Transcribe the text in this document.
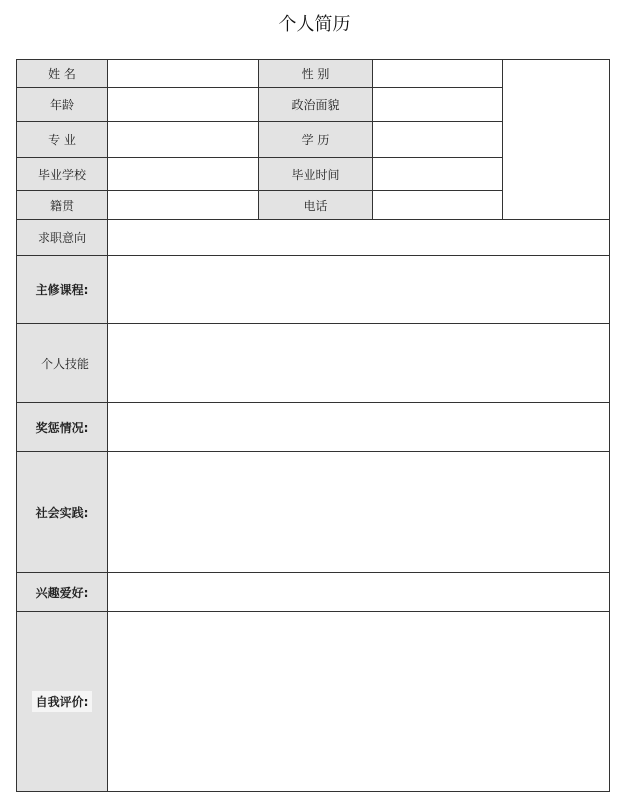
个人简历
姓 名	性 别
年龄	政治面貌
专 业	学 历
毕业学校	毕业时间
籍贯	电话
求职意向
主修课程:
个人技能
奖惩情况:
社会实践:
兴趣爱好:
自我评价:
